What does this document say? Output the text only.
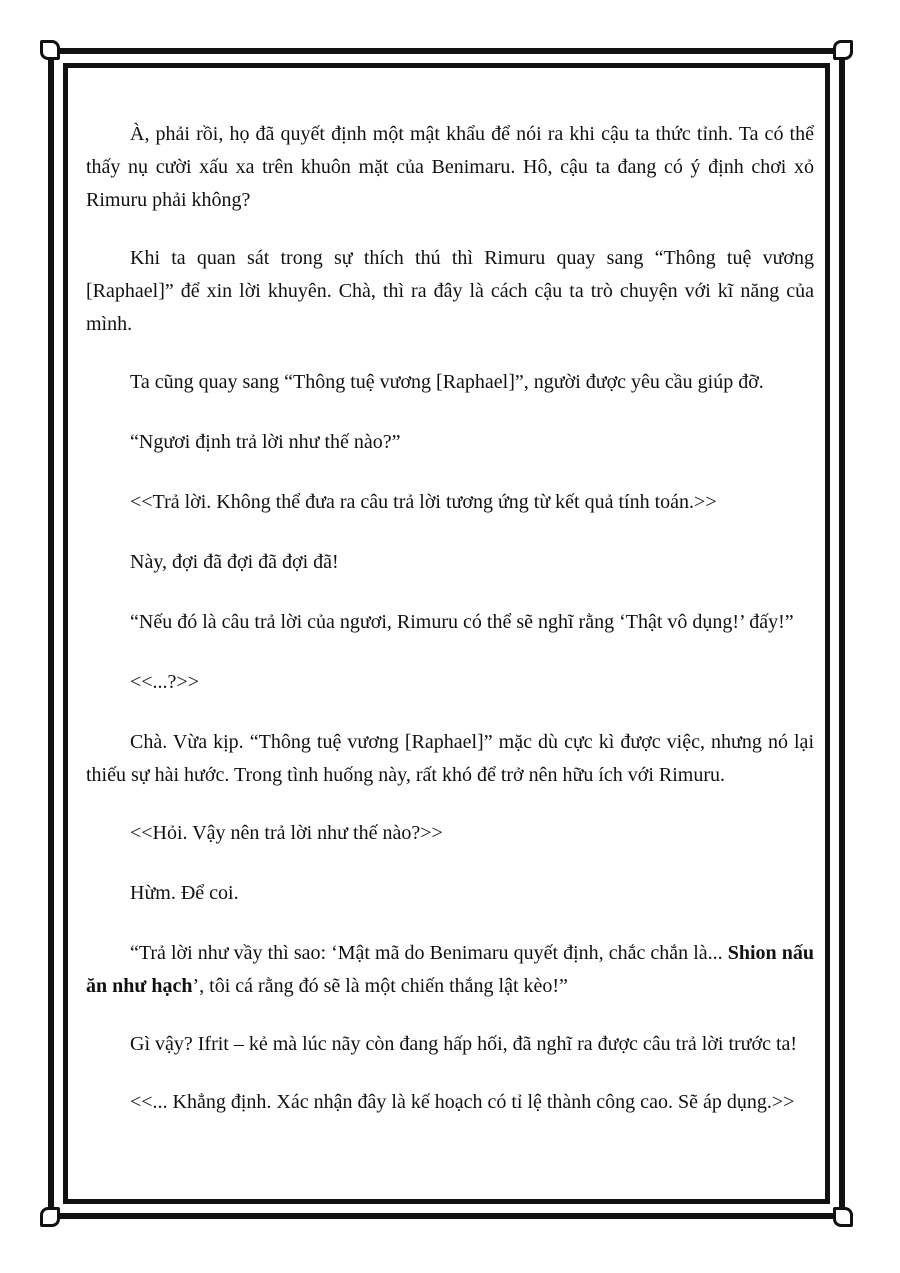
À, phải rồi, họ đã quyết định một mật khẩu để nói ra khi cậu ta thức tỉnh. Ta có thể thấy nụ cười xấu xa trên khuôn mặt của Benimaru. Hô, cậu ta đang có ý định chơi xỏ Rimuru phải không?

Khi ta quan sát trong sự thích thú thì Rimuru quay sang “Thông tuệ vương [Raphael]” để xin lời khuyên. Chà, thì ra đây là cách cậu ta trò chuyện với kĩ năng của mình.

Ta cũng quay sang “Thông tuệ vương [Raphael]”, người được yêu cầu giúp đỡ.

“Ngươi định trả lời như thế nào?”

<<Trả lời. Không thể đưa ra câu trả lời tương ứng từ kết quả tính toán.>>

Này, đợi đã đợi đã đợi đã!

“Nếu đó là câu trả lời của ngươi, Rimuru có thể sẽ nghĩ rằng ‘Thật vô dụng!’ đấy!”

<<...?>>

Chà. Vừa kịp. “Thông tuệ vương [Raphael]” mặc dù cực kì được việc, nhưng nó lại thiếu sự hài hước. Trong tình huống này, rất khó để trở nên hữu ích với Rimuru.

<<Hỏi. Vậy nên trả lời như thế nào?>>

Hừm. Để coi.

“Trả lời như vầy thì sao: ‘Mật mã do Benimaru quyết định, chắc chắn là... Shion nấu ăn như hạch’, tôi cá rằng đó sẽ là một chiến thắng lật kèo!”

Gì vậy? Ifrit – kẻ mà lúc nãy còn đang hấp hối, đã nghĩ ra được câu trả lời trước ta!

<<... Khẳng định. Xác nhận đây là kế hoạch có tỉ lệ thành công cao. Sẽ áp dụng.>>
